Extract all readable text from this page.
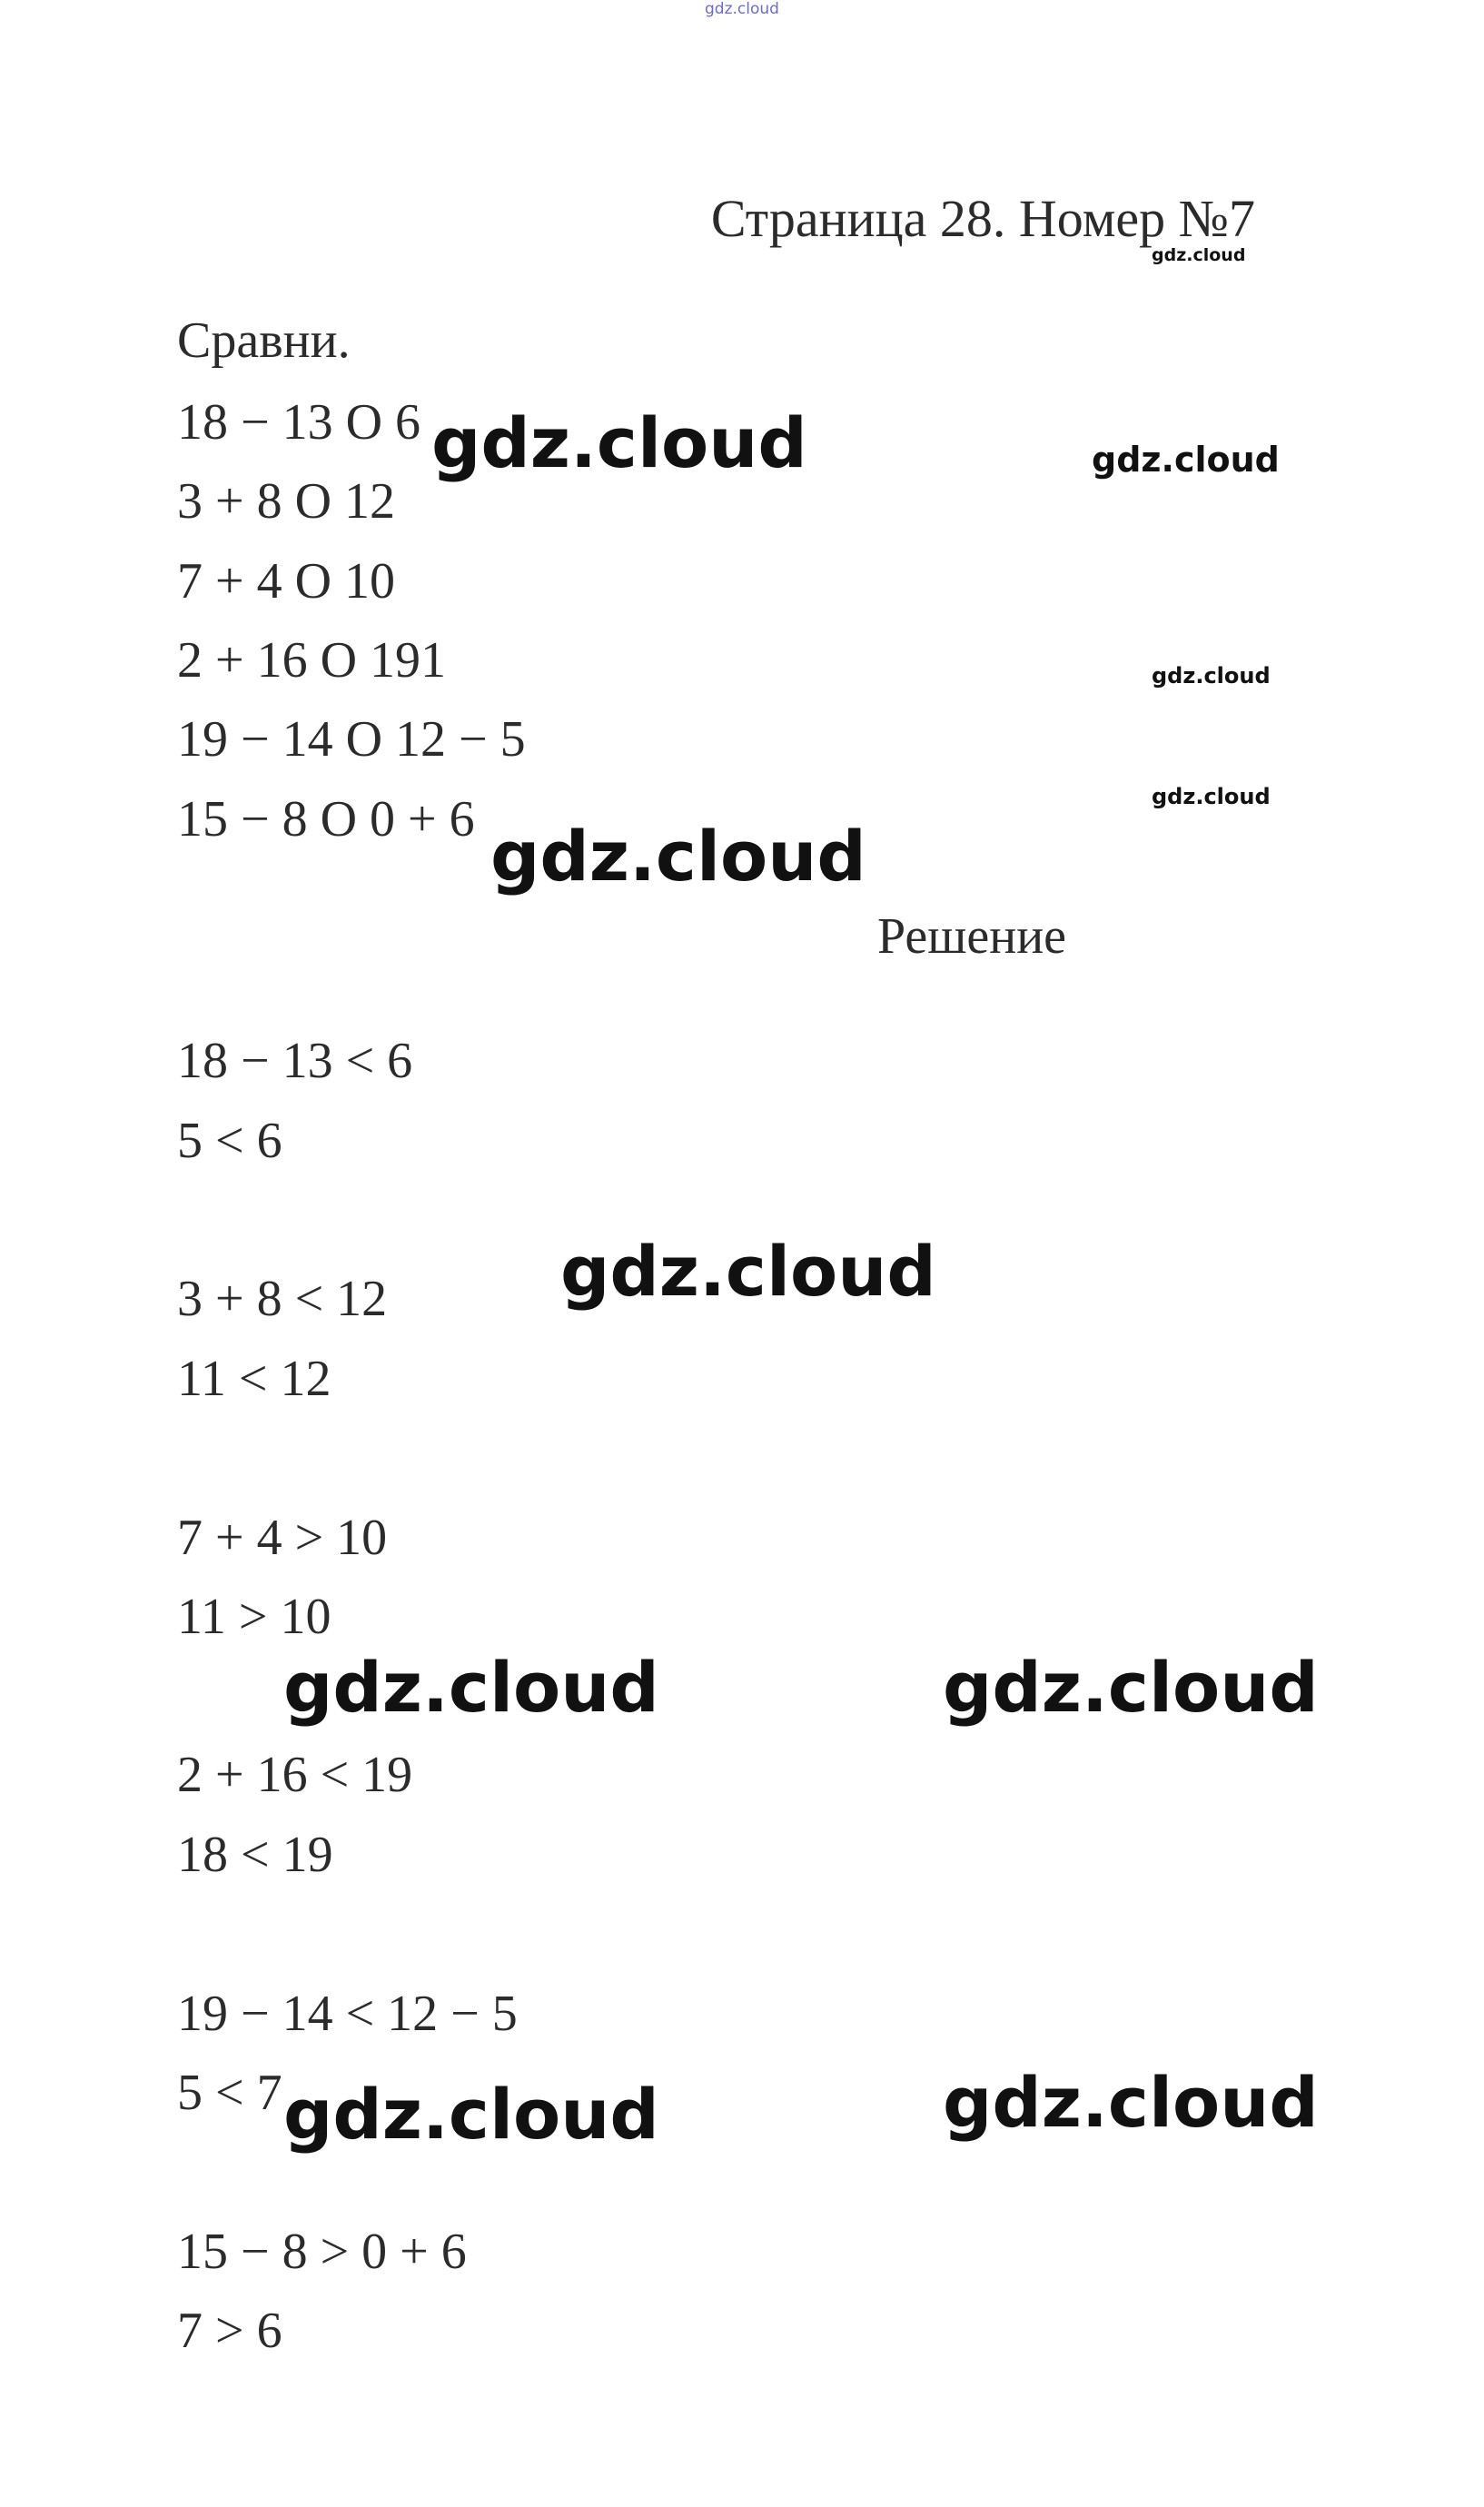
gdz.cloud
Страница 28. Номер №7
gdz.cloud
Сравни.
18 − 13 О 6
3 + 8 О 12
7 + 4 О 10
2 + 16 О 191
19 − 14 О 12 − 5
15 − 8 О 0 + 6
gdz.cloud	gdz.cloud
gdz.cloud
gdz.cloud
gdz.cloud
Решение
18 − 13 < 6
5 < 6
3 + 8 < 12
11 < 12
7 + 4 > 10
11 > 10
2 + 16 < 19
18 < 19
19 − 14 < 12 − 5
5 < 7
15 − 8 > 0 + 6
7 > 6
gdz.cloud
gdz.cloud	gdz.cloud
gdz.cloud	gdz.cloud
